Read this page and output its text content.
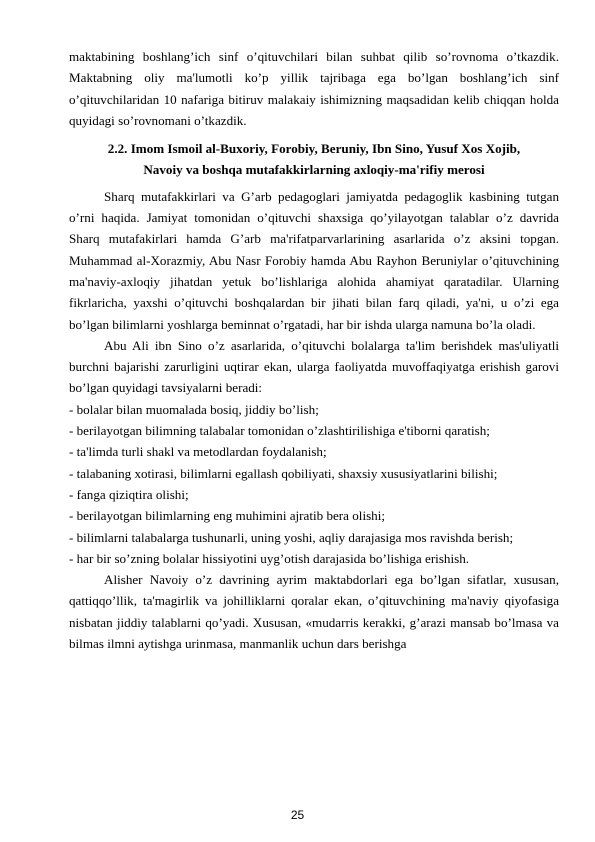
maktabining boshlang’ich sinf o’qituvchilari bilan suhbat qilib so’rovnoma o’tkazdik. Maktabning oliy ma'lumotli ko’p yillik tajribaga ega bo’lgan boshlang’ich sinf o’qituvchilaridan 10 nafariga bitiruv malakaiy ishimizning maqsadidan kelib chiqqan holda quyidagi so’rovnomani o’tkazdik.

2.2. Imom Ismoil al-Buxoriy, Forobiy, Beruniy, Ibn Sino, Yusuf Xos Xojib,
Navoiy va boshqa mutafakkirlarning axloqiy-ma'rifiy merosi

Sharq mutafakkirlari va G’arb pedagoglari jamiyatda pedagoglik kasbining tutgan o’rni haqida. Jamiyat tomonidan o’qituvchi shaxsiga qo’yilayotgan talablar o’z davrida Sharq mutafakirlari hamda G’arb ma'rifatparvarlarining asarlarida o’z aksini topgan. Muhammad al-Xorazmiy, Abu Nasr Forobiy hamda Abu Rayhon Beruniylar o’qituvchining ma'naviy-axloqiy jihatdan yetuk bo’lishlariga alohida ahamiyat qaratadilar. Ularning fikrlaricha, yaxshi o’qituvchi boshqalardan bir jihati bilan farq qiladi, ya'ni, u o’zi ega bo’lgan bilimlarni yoshlarga beminnat o’rgatadi, har bir ishda ularga namuna bo’la oladi.

Abu Ali ibn Sino o’z asarlarida, o’qituvchi bolalarga ta'lim berishdek mas'uliyatli burchni bajarishi zarurligini uqtirar ekan, ularga faoliyatda muvoffaqiyatga erishish garovi bo’lgan quyidagi tavsiyalarni beradi:

- bolalar bilan muomalada bosiq, jiddiy bo’lish;
- berilayotgan bilimning talabalar tomonidan o’zlashtirilishiga e'tiborni qaratish;
- ta'limda turli shakl va metodlardan foydalanish;
- talabaning xotirasi, bilimlarni egallash qobiliyati, shaxsiy xususiyatlarini bilishi;
- fanga qiziqtira olishi;
- berilayotgan bilimlarning eng muhimini ajratib bera olishi;
- bilimlarni talabalarga tushunarli, uning yoshi, aqliy darajasiga mos ravishda berish;
- har bir so’zning bolalar hissiyotini uyg’otish darajasida bo’lishiga erishish.

Alisher Navoiy o’z davrining ayrim maktabdorlari ega bo’lgan sifatlar, xususan, qattiqqo’llik, ta'magirlik va johilliklarni qoralar ekan, o’qituvchining ma'naviy qiyofasiga nisbatan jiddiy talablarni qo’yadi. Xususan, «mudarris kerakki, g’arazi mansab bo’lmasa va bilmas ilmni aytishga urinmasa, manmanlik uchun dars berishga

25
